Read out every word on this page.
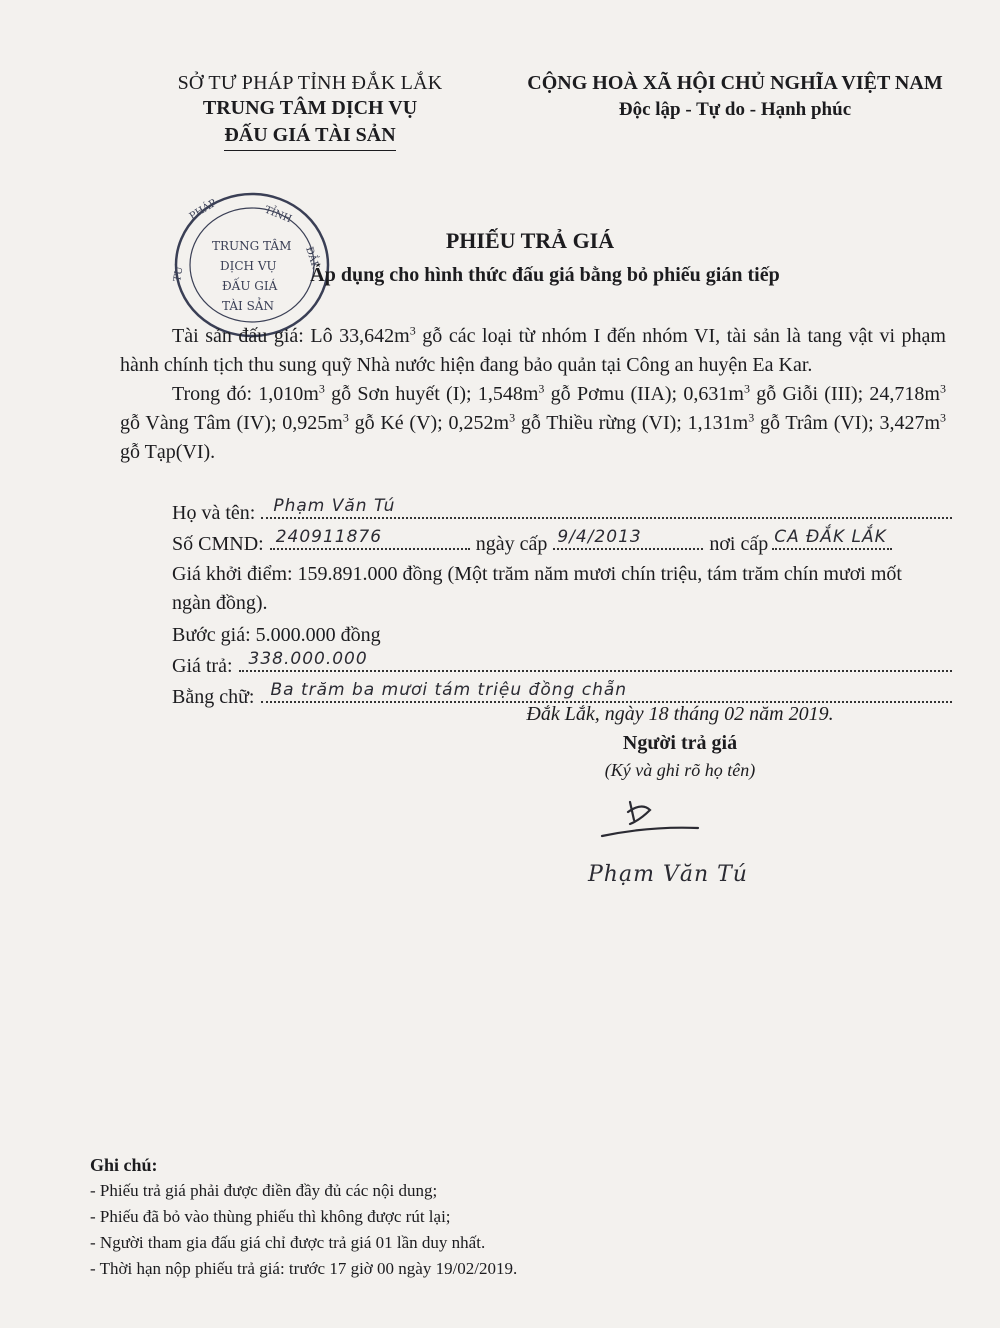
SỞ TƯ PHÁP TỈNH ĐẮK LẮK
TRUNG TÂM DỊCH VỤ
ĐẤU GIÁ TÀI SẢN
CỘNG HOÀ XÃ HỘI CHỦ NGHĨA VIỆT NAM
Độc lập - Tự do - Hạnh phúc
PHÁP	TỈNH
ĐẮK
TƯ
TRUNG TÂM
DỊCH VỤ
ĐẤU GIÁ
TÀI SẢN
PHIẾU TRẢ GIÁ
Áp dụng cho hình thức đấu giá bằng bỏ phiếu gián tiếp

Tài sản đấu giá: Lô $33,642m^3$ gỗ các loại từ nhóm I đến nhóm VI, tài sản là tang vật vi phạm hành chính tịch thu sung quỹ Nhà nước hiện đang bảo quản tại Công an huyện Ea Kar.

Trong đó: $1,010m^3$ gỗ Sơn huyết (I); $1,548m^3$ gỗ Pơmu (IIA); $0,631m^3$ gỗ Giỗi (III); $24,718m^3$ gỗ Vàng Tâm (IV); $0,925m^3$ gỗ Ké (V); $0,252m^3$ gỗ Thiều rừng (VI); $1,131m^3$ gỗ Trâm (VI); $3,427m^3$ gỗ Tạp(VI).

Họ và tên: Phạm Văn Tú
Số CMND: 240911876	ngày cấp 9/4/2013	nơi cấp CA ĐẮK LẮK
Giá khởi điểm: 159.891.000 đồng (Một trăm năm mươi chín triệu, tám trăm chín mươi mốt ngàn đồng).
Bước giá: 5.000.000 đồng
Giá trả: 338.000.000
Bằng chữ: Ba trăm ba mươi tám triệu đồng chẵn
Đắk Lắk, ngày 18 tháng 02 năm 2019.
Người trả giá
(Ký và ghi rõ họ tên)
Phạm Văn Tú
Ghi chú:
- Phiếu trả giá phải được điền đầy đủ các nội dung;
- Phiếu đã bỏ vào thùng phiếu thì không được rút lại;
- Người tham gia đấu giá chỉ được trả giá 01 lần duy nhất.
- Thời hạn nộp phiếu trả giá: trước 17 giờ 00 ngày 19/02/2019.
